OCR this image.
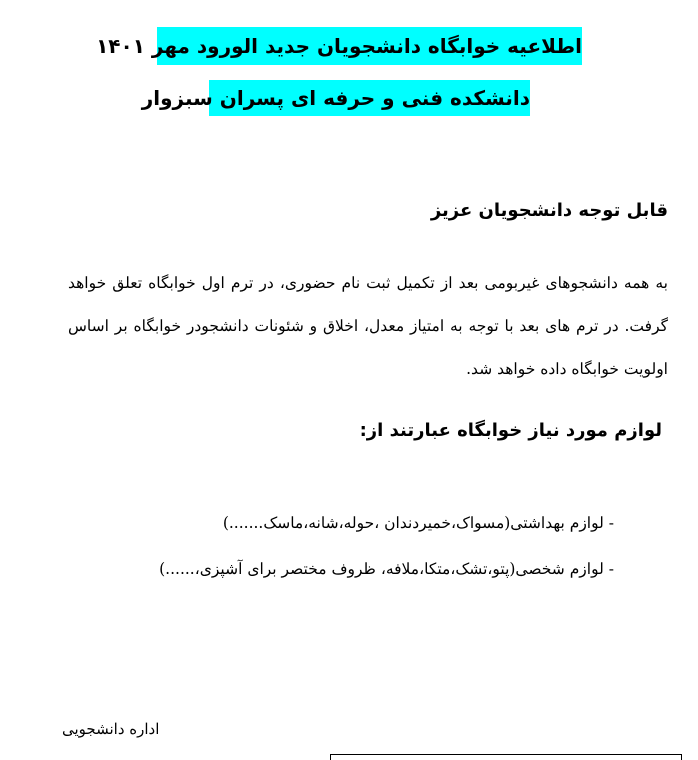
اطلاعیه خوابگاه دانشجویان جدید الورود مهر ۱۴۰۱
دانشکده فنی و حرفه ای پسران سبزوار
قابل توجه دانشجویان عزیز
به همه دانشجوهای غیربومی بعد از تکمیل ثبت نام حضوری، در ترم اول خوابگاه تعلق خواهد گرفت. در ترم های بعد با توجه به امتیاز معدل، اخلاق و شئونات دانشجودر خوابگاه بر اساس اولویت خوابگاه داده خواهد شد.
لوازم مورد نیاز خوابگاه عبارتند از:
- لوازم بهداشتی(مسواک،خمیردندان ،حوله،شانه،ماسک.......)
- لوازم شخصی(پتو،تشک،متکا،ملافه، ظروف مختصر برای آشپزی،......)
اداره دانشجویی
